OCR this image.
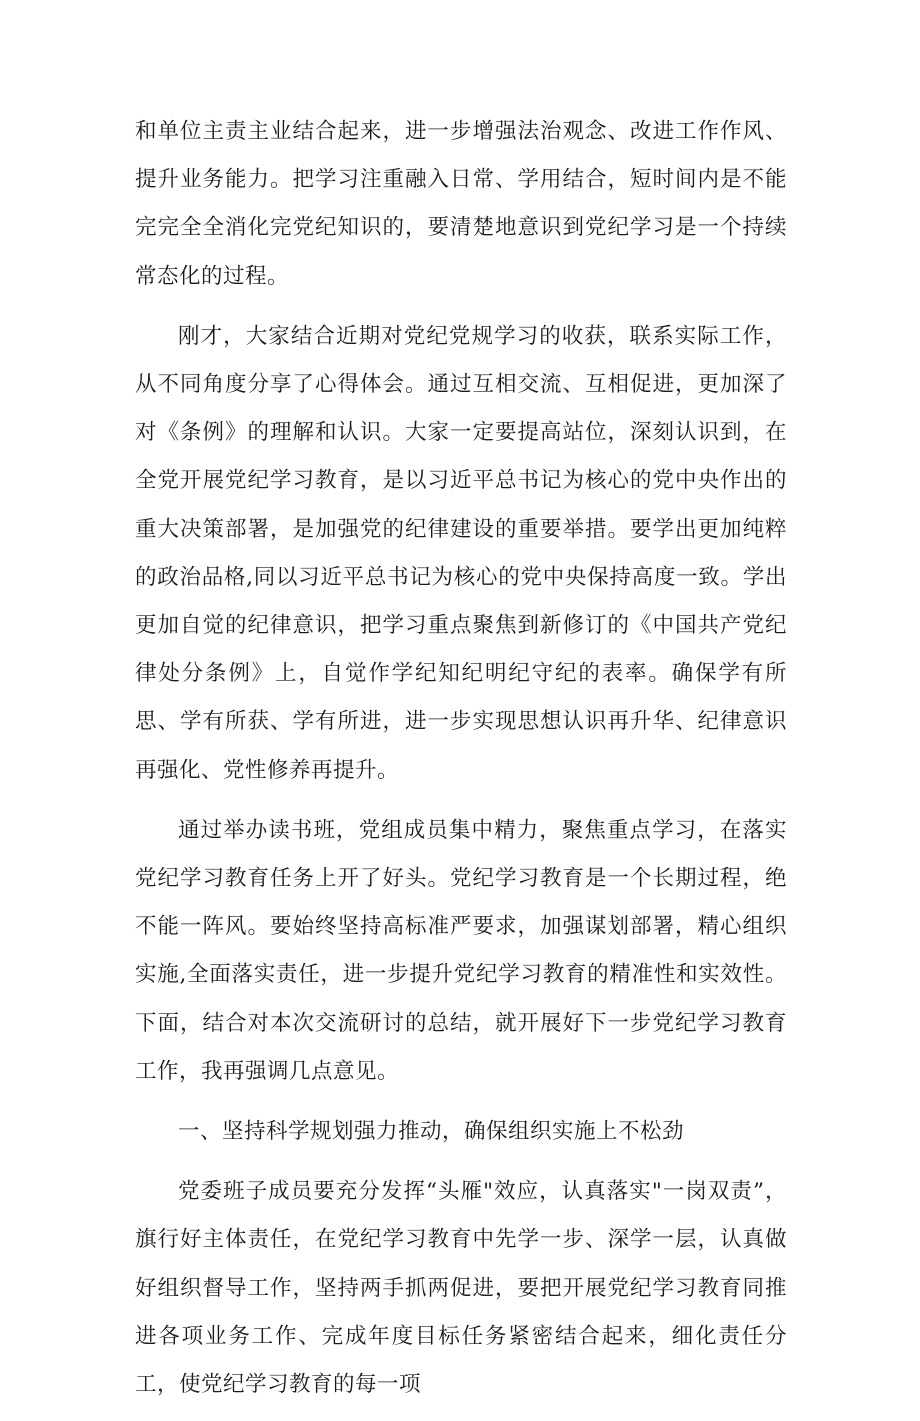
和单位主责主业结合起来，进一步增强法治观念、改进工作作风、提升业务能力。把学习注重融入日常、学用结合，短时间内是不能完完全全消化完党纪知识的，要清楚地意识到党纪学习是一个持续常态化的过程。

刚才，大家结合近期对党纪党规学习的收获，联系实际工作，从不同角度分享了心得体会。通过互相交流、互相促进，更加深了对《条例》的理解和认识。大家一定要提高站位，深刻认识到，在全党开展党纪学习教育，是以习近平总书记为核心的党中央作出的重大决策部署，是加强党的纪律建设的重要举措。要学出更加纯粹的政治品格,同以习近平总书记为核心的党中央保持高度一致。学出更加自觉的纪律意识，把学习重点聚焦到新修订的《中国共产党纪律处分条例》上，自觉作学纪知纪明纪守纪的表率。确保学有所思、学有所获、学有所进，进一步实现思想认识再升华、纪律意识再强化、党性修养再提升。

通过举办读书班，党组成员集中精力，聚焦重点学习，在落实党纪学习教育任务上开了好头。党纪学习教育是一个长期过程，绝不能一阵风。要始终坚持高标准严要求，加强谋划部署，精心组织实施,全面落实责任，进一步提升党纪学习教育的精准性和实效性。下面，结合对本次交流研讨的总结，就开展好下一步党纪学习教育工作，我再强调几点意见。

一、坚持科学规划强力推动，确保组织实施上不松劲

党委班子成员要充分发挥“头雁"效应，认真落实"一岗双责”，旗行好主体责任，在党纪学习教育中先学一步、深学一层，认真做好组织督导工作，坚持两手抓两促进，要把开展党纪学习教育同推进各项业务工作、完成年度目标任务紧密结合起来，细化责任分工，使党纪学习教育的每一项
